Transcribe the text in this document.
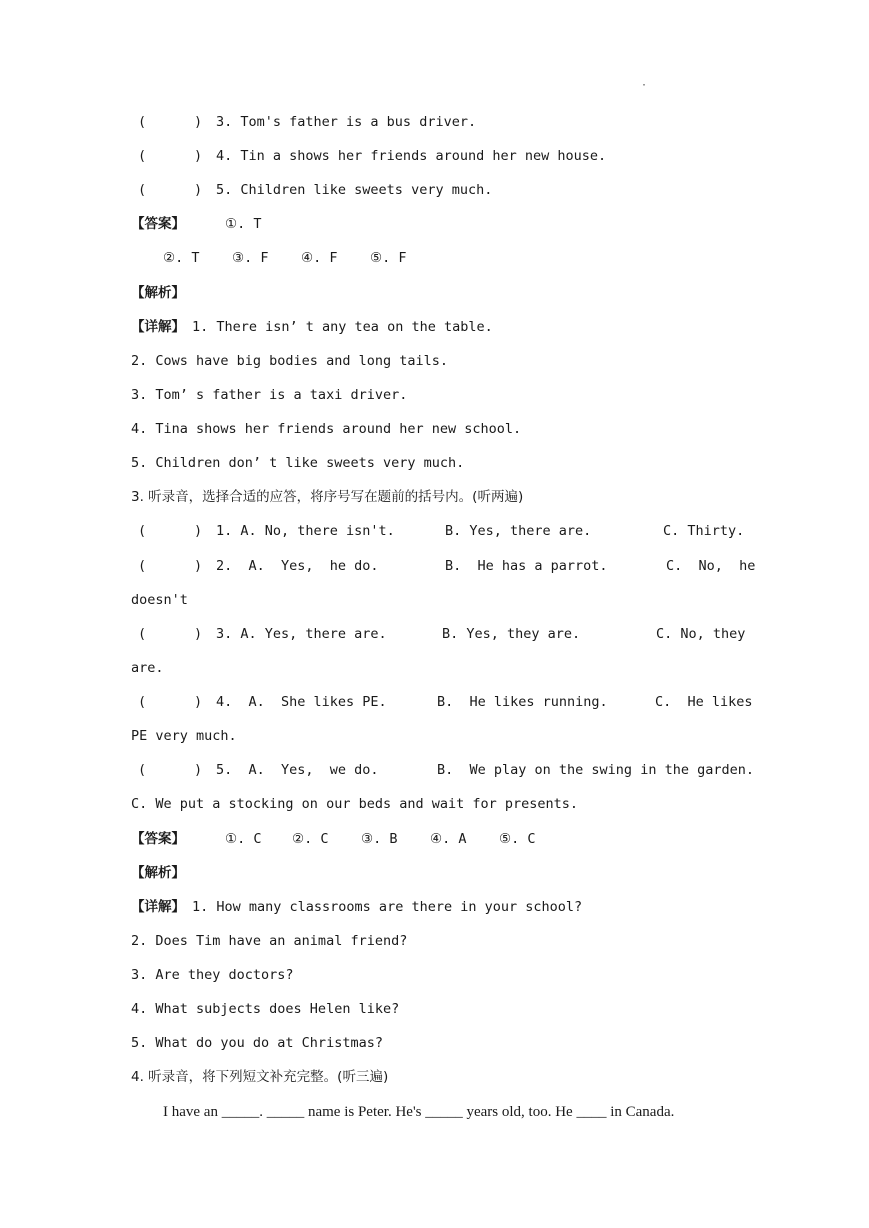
·
(	) 3. Tom's father is a bus driver.
(	) 4. Tin a shows her friends around her new house.
(	) 5. Children like sweets very much.
【答案】	①. T
②. T ③. F ④. F ⑤. F
【解析】
【详解】 1. There isn’ t any tea on the table.
2. Cows have big bodies and long tails.
3. Tom’ s father is a taxi driver.
4. Tina shows her friends around her new school.
5. Children don’ t like sweets very much.
3. 听录音，选择合适的应答，将序号写在题前的括号内。(听两遍)
(	) 1. A. No, there isn't.	B. Yes, there are.	C. Thirty.
(	) 2.  A.  Yes,  he do.	B.  He has a parrot.	C.  No,  he
doesn't
(	) 3. A. Yes, there are.	B. Yes, they are.	C. No, they
are.
(	) 4.  A.  She likes PE.	B.  He likes running.	C.  He likes
PE very much.
(	) 5.  A.  Yes,  we do.	B.  We play on the swing in the garden.
C. We put a stocking on our beds and wait for presents.
【答案】	①. C ②. C ③. B ④. A ⑤. C
【解析】
【详解】 1. How many classrooms are there in your school?
2. Does Tim have an animal friend?
3. Are they doctors?
4. What subjects does Helen like?
5. What do you do at Christmas?
4. 听录音，将下列短文补充完整。(听三遍)
I have an _____. _____ name is Peter. He's _____ years old, too. He ____ in Canada.
